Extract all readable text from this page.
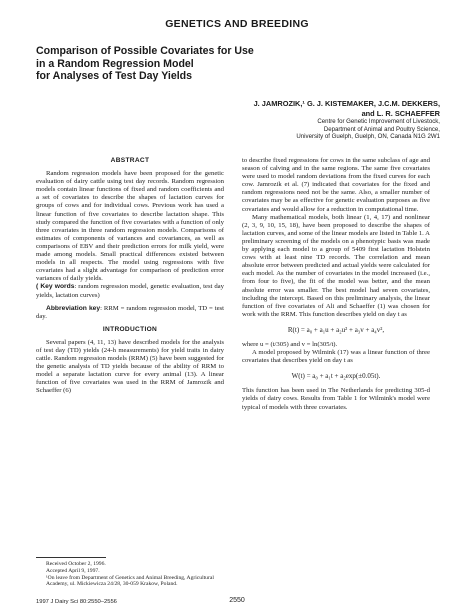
GENETICS AND BREEDING
Comparison of Possible Covariates for Use
in a Random Regression Model
for Analyses of Test Day Yields
J. JAMROZIK,¹ G. J. KISTEMAKER, J.C.M. DEKKERS,
and L. R. SCHAEFFER
Centre for Genetic Improvement of Livestock,
Department of Animal and Poultry Science,
University of Guelph, Guelph, ON, Canada N1G 2W1
ABSTRACT

Random regression models have been proposed for the genetic evaluation of dairy cattle using test day records. Random regression models contain linear functions of fixed and random coefficients and a set of covariates to describe the shapes of lactation curves for groups of cows and for individual cows. Previous work has used a linear function of five covariates to describe lactation shape. This study compared the function of five covariates with a function of only three covariates in three random regression models. Comparisons of estimates of components of variances and covariances, as well as comparisons of EBV and their prediction errors for milk yield, were made among models. Small practical differences existed between models in all respects. The model using regressions with five covariates had a slight advantage for comparison of prediction error variances of daily yields.

( Key words: random regression model, genetic evaluation, test day yields, lactation curves)

Abbreviation key: RRM = random regression model, TD = test day.

INTRODUCTION

Several papers (4, 11, 13) have described models for the analysis of test day (TD) yields (24-h measurements) for yield traits in dairy cattle. Random regression models (RRM) (5) have been suggested for the genetic analysis of TD yields because of the ability of RRM to model a separate lactation curve for every animal (13). A linear function of five covariates was used in the RRM of Jamrozik and Schaeffer (6)

to describe fixed regressions for cows in the same subclass of age and season of calving and in the same regions. The same five covariates were used to model random deviations from the fixed curves for each cow. Jamrozik et al. (7) indicated that covariates for the fixed and random regressions need not be the same. Also, a smaller number of covariates may be as effective for genetic evaluation purposes as five covariates and would allow for a reduction in computational time.

Many mathematical models, both linear (1, 4, 17) and nonlinear (2, 3, 9, 10, 15, 18), have been proposed to describe the shapes of lactation curves, and some of the linear models are listed in Table 1. A preliminary screening of the models on a phenotypic basis was made by applying each model to a group of 5409 first lactation Holstein cows with at least nine TD records. The correlation and mean absolute error between predicted and actual yields were calculated for each model. As the number of covariates in the model increased (i.e., from four to five), the fit of the model was better, and the mean absolute error was smaller. The best model had seven covariates, including the intercept. Based on this preliminary analysis, the linear function of five covariates of Ali and Schaeffer (1) was chosen for work with the RRM. This function describes yield on day t as

R(t) = a₀ + a₁u + a₂u² + a₃v + a₄v²,

where u = (t/305) and v = ln(305/t).

A model proposed by Wilmink (17) was a linear function of three covariates that describes yield on day t as

W(t) = a₀ + a₁t + a₂exp(±0.05t).

This function has been used in The Netherlands for predicting 305-d yields of dairy cows. Results from Table 1 for Wilmink's model were typical of models with three covariates.

Received October 2, 1996.
Accepted April 9, 1997.
¹On leave from Department of Genetics and Animal Breeding, Agricultural Academy, ul. Mickiewicza 24/28, 30-059 Krakow, Poland.
1997 J Dairy Sci 80:2550–2556	2550
